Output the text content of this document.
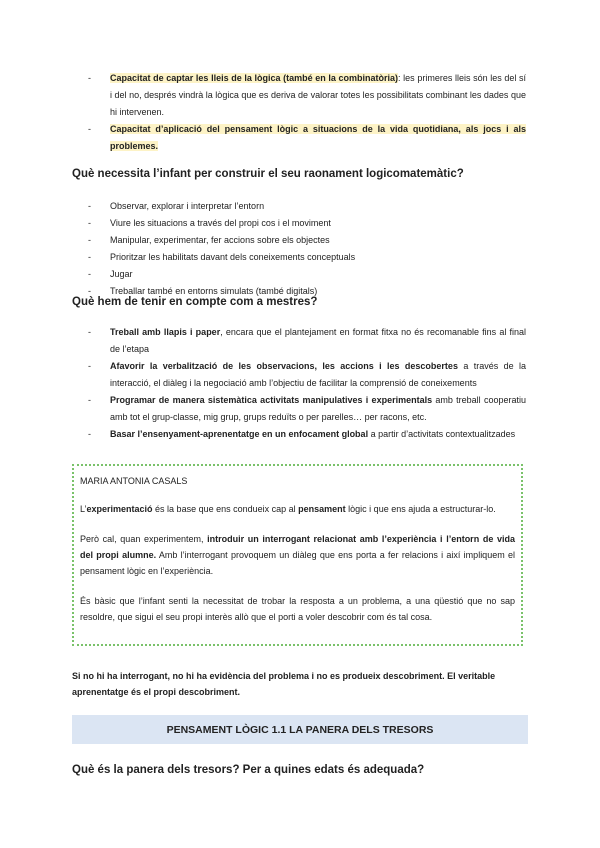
- Capacitat de captar les lleis de la lògica (també en la combinatòria): les primeres lleis són les del sí i del no, després vindrà la lògica que es deriva de valorar totes les possibilitats combinant les dades que hi intervenen.
- Capacitat d’aplicació del pensament lògic a situacions de la vida quotidiana, als jocs i als problemes.
Què necessita l’infant per construir el seu raonament logicomatemàtic?
- Observar, explorar i interpretar l’entorn
- Viure les situacions a través del propi cos i el moviment
- Manipular, experimentar, fer accions sobre els objectes
- Prioritzar les habilitats davant dels coneixements conceptuals
- Jugar
- Treballar també en entorns simulats (també digitals)
Què hem de tenir en compte com a mestres?
- Treball amb llapis i paper, encara que el plantejament en format fitxa no és recomanable fins al final de l’etapa
- Afavorir la verbalització de les observacions, les accions i les descobertes a través de la interacció, el diàleg i la negociació amb l’objectiu de facilitar la comprensió de coneixements
- Programar de manera sistemàtica activitats manipulatives i experimentals amb treball cooperatiu amb tot el grup-classe, mig grup, grups reduïts o per parelles… per racons, etc.
- Basar l’ensenyament-aprenentatge en un enfocament global a partir d’activitats contextualitzades

MARIA ANTONIA CASALS

L’experimentació és la base que ens condueix cap al pensament lògic i que ens ajuda a estructurar-lo.

Però cal, quan experimentem, introduir un interrogant relacionat amb l’experiència i l’entorn de vida del propi alumne. Amb l’interrogant provoquem un diàleg que ens porta a fer relacions i així impliquem el pensament lògic en l’experiència.

És bàsic que l’infant senti la necessitat de trobar la resposta a un problema, a una qüestió que no sap resoldre, que sigui el seu propi interès allò que el porti a voler descobrir com és tal cosa.

Si no hi ha interrogant, no hi ha evidència del problema i no es produeix descobriment. El veritable aprenentatge és el propi descobriment.

PENSAMENT LÒGIC 1.1 LA PANERA DELS TRESORS
Què és la panera dels tresors? Per a quines edats és adequada?
